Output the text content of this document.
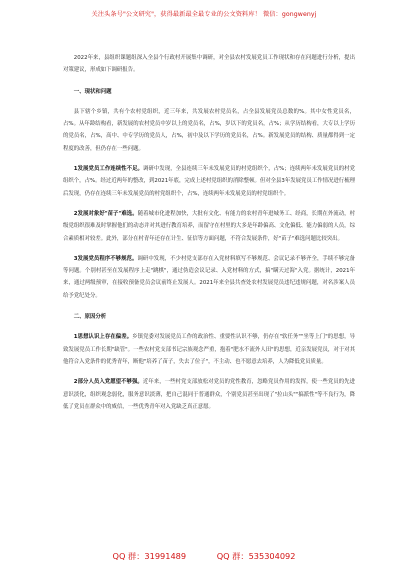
关注头条号"公文研究"，获得最新最全最专业的公文资料库！ 微信：gongwenyj

2022年来，县组织课题组深入全县个行政村开展集中调研，对全县农村发展党员工作现状和存在问题进行分析，提出对策建议，形成如下调研报告。

一、现状和问题

县下辖个乡镇，共有个农村党组织，近三年来，共发展农村党员名，占全县发展党员总数的%。其中女性党员名，占%。从年龄结构看，新发展的农村党员中岁以上的党员名，占%，岁以下的党员名，占%；从学历结构看，大专以上学历的党员名，占%，高中、中专学历的党员人，占%，初中及以下学历的党员名，占%。新发展党员的结构、质量都得到一定程度的改善，但仍存在一些问题。

1发展党员工作连续性不足。调研中发现，全县连续三年未发展党员的村党组织个，占%；连续两年未发展党员的村党组织个，占%。经过近两年的整改，到2021年底，完成上述村党组织的消除整顿。但对全县3年发展党员工作情况进行梳理后发现，仍存在连续三年未发展党员的村党组织个，占%，连续两年未发展党员的村党组织个。

2发展对象好"苗子"难选。随着城市化进程加快，大批有文化、有能力的农村青年进城务工、经商，长期在外流动，村级党组织很难及时掌握他们的动态并对其进行教育培养，而留守在村里的大多是年龄偏高、文化偏低、能力偏弱的人员，综合素质相对较差。此外，部分在村青年还存在计生、征信等方面问题，不符合发展条件，好"苗子"难选问题比较突出。

3发展党员程序不够规范。调研中发现，不少村党支部存在入党材料填写不够规范、会议记录不够齐全，手续不够完备等问题。个别村甚至在发展程序上走"跳棋"，通过伪造会议记录、入党材料的方式，搞"瞒天过海"入党。据统计，2021年来，通过两级预审，在接收预备党员会议前终止发展人。2021年来全县共查处农村发展党员违纪违规问题，对名涉案人员给予党纪处分。

二、原因分析

1思想认识上存在偏差。乡镇党委对发展党员工作的政治性、重要性认识不够，仍存在"软任务""坐等上门"的思想，导致发展党员工作长期"缺管"。一些农村党支部书记宗族观念严重，抱着"肥水不流外人田"的思想，近亲发展党员，对于对其他符合入党条件的优秀青年，断他"培养了苗子，失去了位子"，不主动、也不愿意去培养，人为降低党员质量。

2部分人员入党愿望不够强。近年来，一些村党支部放松对党员的党性教育，忽略党员作用的发挥，使一些党员的先进意识淡化，组织观念弱化，服务意识淡薄，把自己混同于普通群众，个别党员甚至出现了"拉山头""搞派性"等不良行为，降低了党员在群众中的威信，一些优秀青年对入党缺乏真正意愿。

QQ 群：31991489	QQ 群：535304092
